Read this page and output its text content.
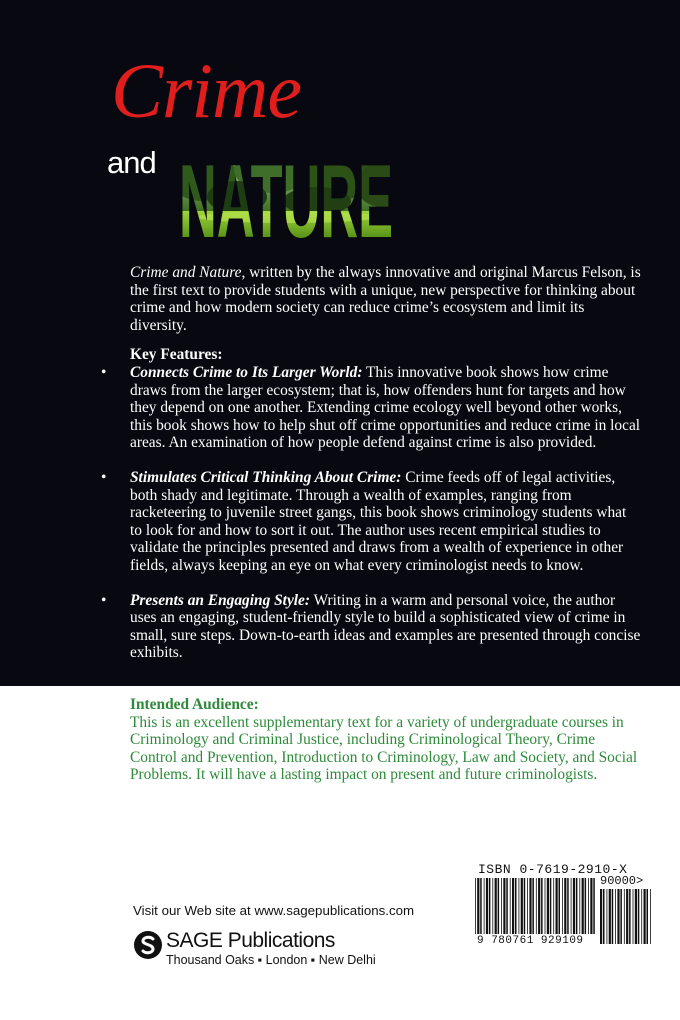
Crime
and

Crime and Nature, written by the always innovative and original Marcus Felson, is the first text to provide students with a unique, new perspective for thinking about crime and how modern society can reduce crime’s ecosystem and limit its diversity.

Key Features:

• Connects Crime to Its Larger World: This innovative book shows how crime draws from the larger ecosystem; that is, how offenders hunt for targets and how they depend on one another. Extending crime ecology well beyond other works, this book shows how to help shut off crime opportunities and reduce crime in local areas. An examination of how people defend against crime is also provided.

• Stimulates Critical Thinking About Crime: Crime feeds off of legal activities, both shady and legitimate. Through a wealth of examples, ranging from racketeering to juvenile street gangs, this book shows criminology students what to look for and how to sort it out. The author uses recent empirical studies to validate the principles presented and draws from a wealth of experience in other fields, always keeping an eye on what every criminologist needs to know.

• Presents an Engaging Style: Writing in a warm and personal voice, the author uses an engaging, student-friendly style to build a sophisticated view of crime in small, sure steps. Down-to-earth ideas and examples are presented through concise exhibits.

Intended Audience:
This is an excellent supplementary text for a variety of undergraduate courses in Criminology and Criminal Justice, including Criminological Theory, Crime Control and Prevention, Introduction to Criminology, Law and Society, and Social Problems. It will have a lasting impact on present and future criminologists.
ISBN 0-7619-2910-X
9 780761 929109
90000>
Visit our Web site at www.sagepublications.com
SAGE Publications
Thousand Oaks ▪ London ▪ New Delhi
